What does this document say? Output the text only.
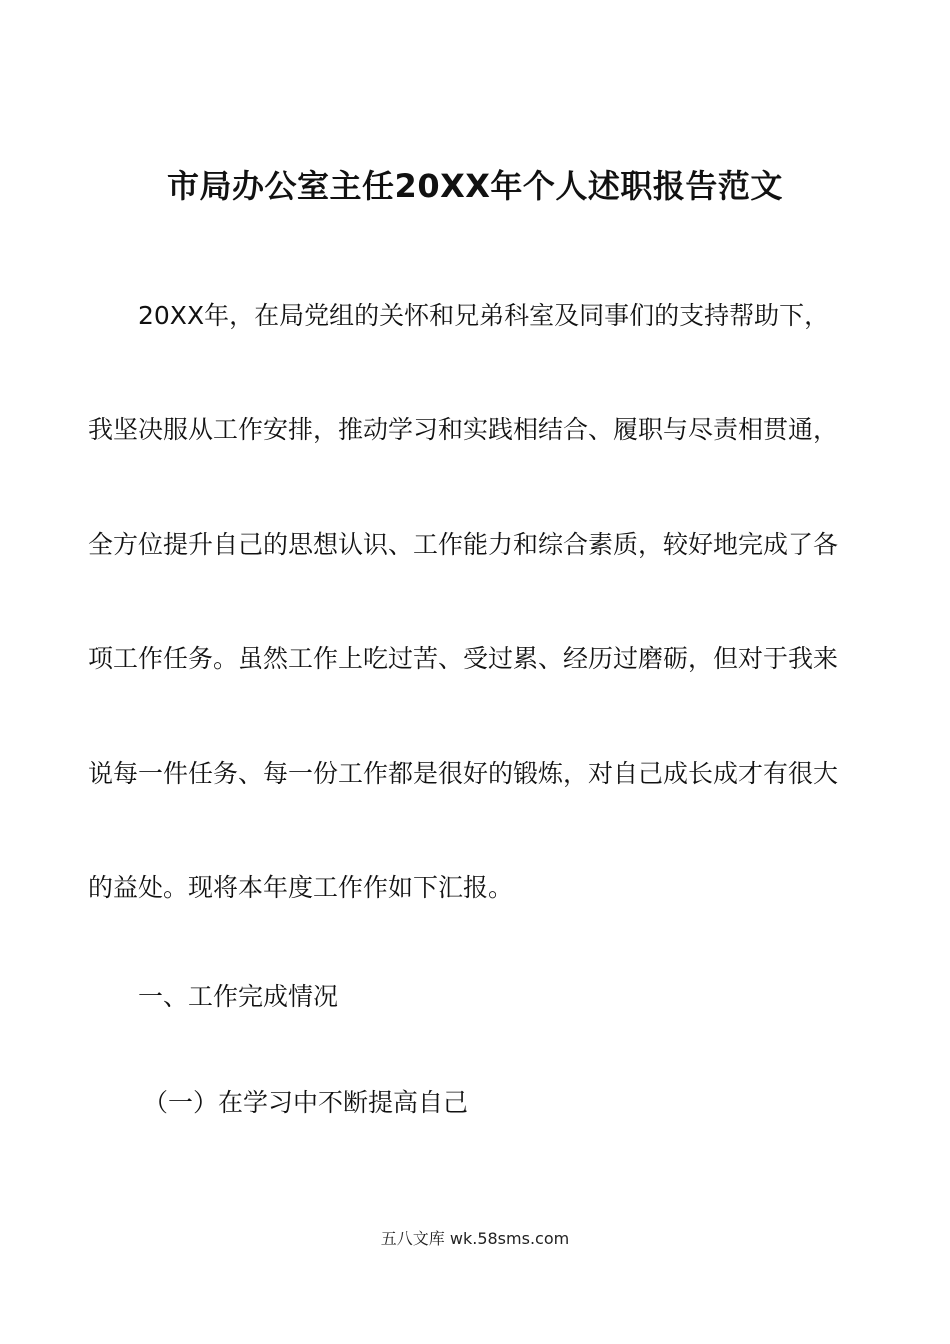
市局办公室主任20XX年个人述职报告范文
20XX年，在局党组的关怀和兄弟科室及同事们的支持帮助下，
我坚决服从工作安排，推动学习和实践相结合、履职与尽责相贯通，
全方位提升自己的思想认识、工作能力和综合素质，较好地完成了各
项工作任务。虽然工作上吃过苦、受过累、经历过磨砺，但对于我来
说每一件任务、每一份工作都是很好的锻炼，对自己成长成才有很大
的益处。现将本年度工作作如下汇报。
一、工作完成情况
（一）在学习中不断提高自己
五八文库 wk.58sms.com
